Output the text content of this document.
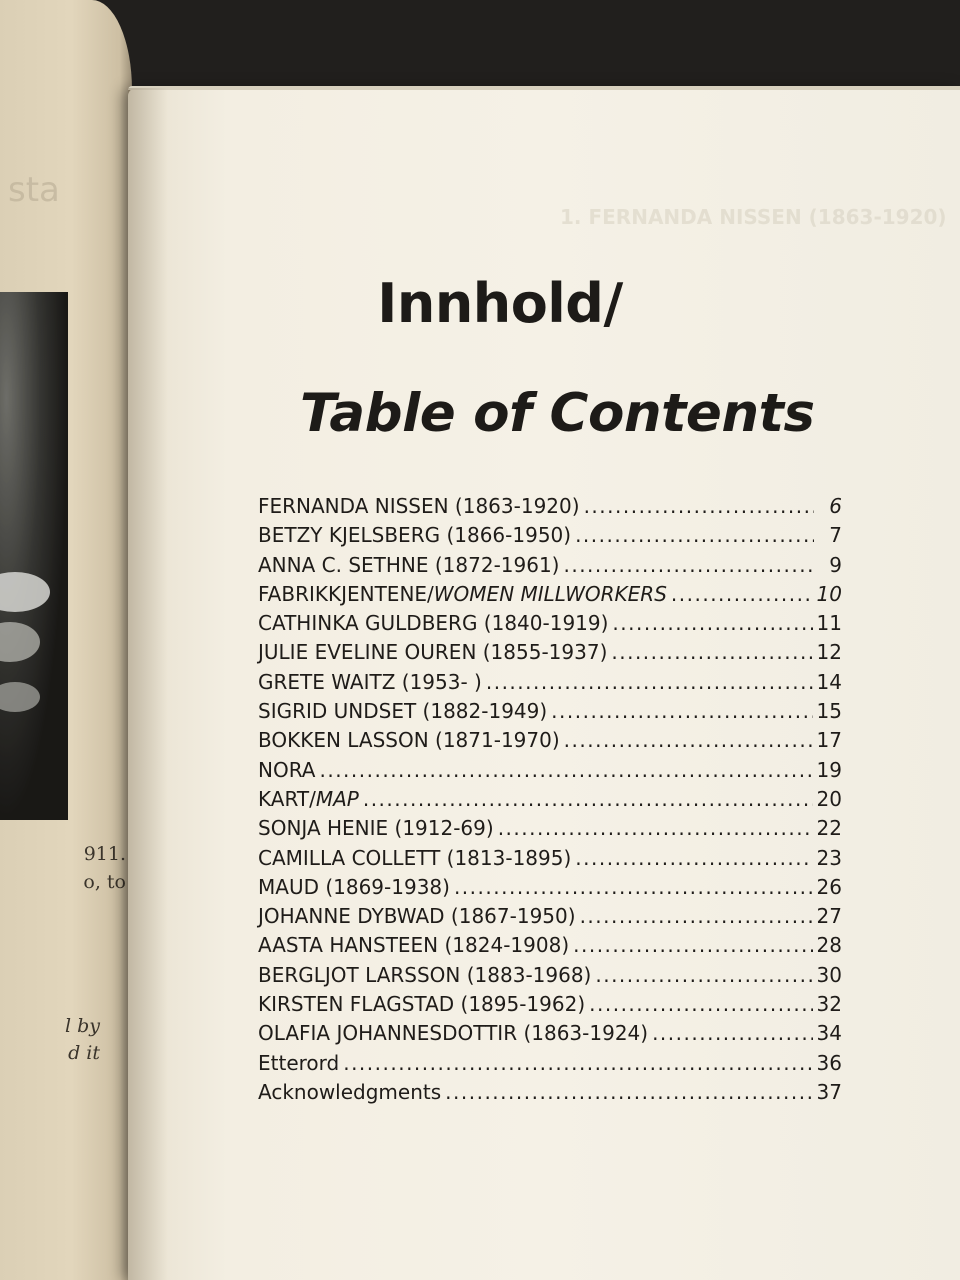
sta
911.
o, to
l by
d it
1. FERNANDA NISSEN (1863-1920)
Innhold/
Table of Contents
FERNANDA NISSEN (1863-1920) .....	6
BETZY KJELSBERG (1866-1950) .....	7
ANNA C. SETHNE (1872-1961) .....	9
FABRIKKJENTENE/WOMEN MILLWORKERS .....	10
CATHINKA GULDBERG (1840-1919) .....	11
JULIE EVELINE OUREN (1855-1937) .....	12
GRETE WAITZ (1953- ) .....	14
SIGRID UNDSET (1882-1949) .....	15
BOKKEN LASSON (1871-1970) .....	17
NORA .....	19
KART/MAP .....	20
SONJA HENIE (1912-69) .....	22
CAMILLA COLLETT (1813-1895) .....	23
MAUD (1869-1938) .....	26
JOHANNE DYBWAD (1867-1950) .....	27
AASTA HANSTEEN (1824-1908) .....	28
BERGLJOT LARSSON (1883-1968) .....	30
KIRSTEN FLAGSTAD (1895-1962) .....	32
OLAFIA JOHANNESDOTTIR (1863-1924) .....	34
Etterord .....	36
Acknowledgments .....	37
